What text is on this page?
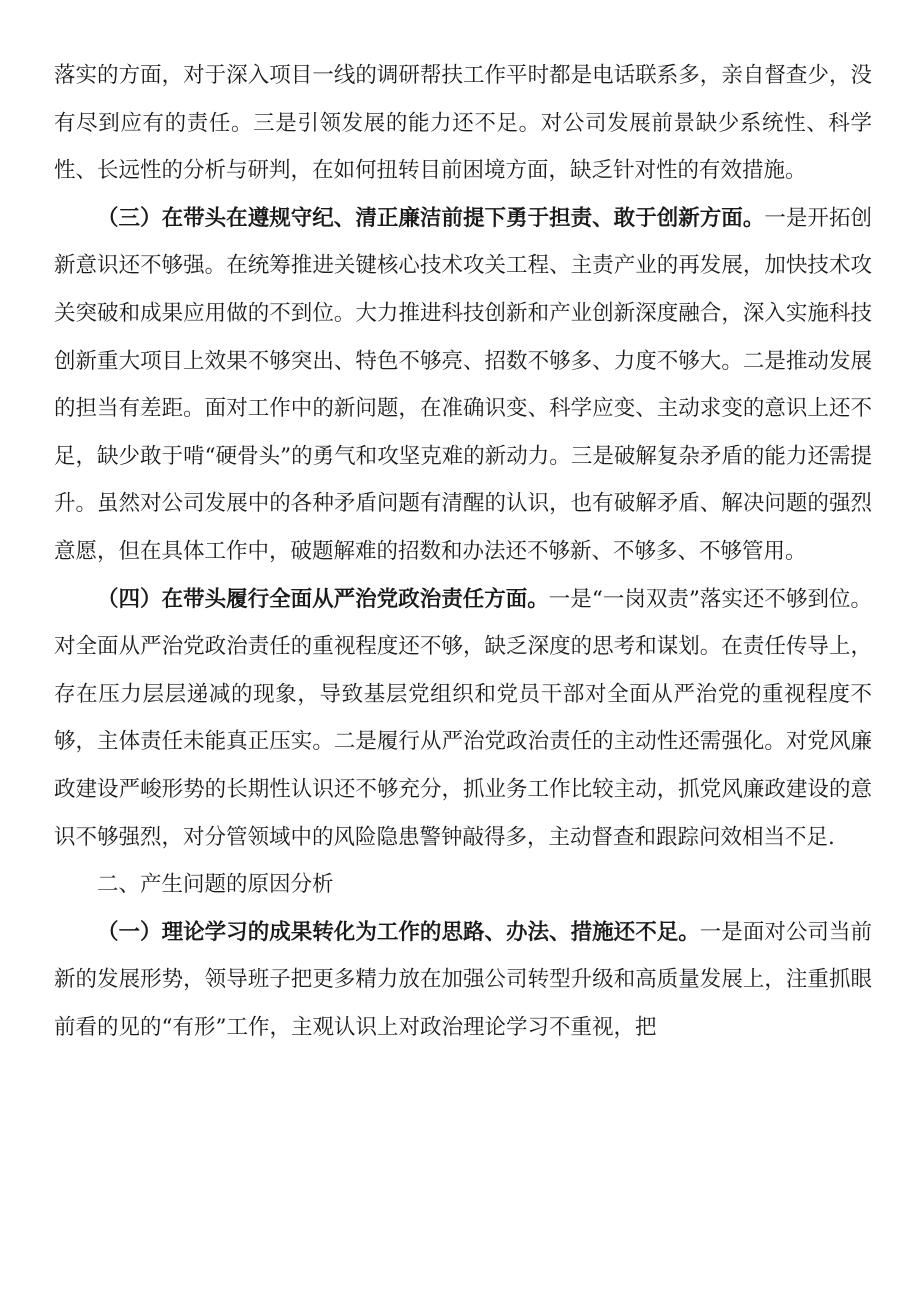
落实的方面，对于深入项目一线的调研帮扶工作平时都是电话联系多，亲自督查少，没有尽到应有的责任。三是引领发展的能力还不足。对公司发展前景缺少系统性、科学性、长远性的分析与研判，在如何扭转目前困境方面，缺乏针对性的有效措施。

（三）在带头在遵规守纪、清正廉洁前提下勇于担责、敢于创新方面。一是开拓创新意识还不够强。在统筹推进关键核心技术攻关工程、主责产业的再发展，加快技术攻关突破和成果应用做的不到位。大力推进科技创新和产业创新深度融合，深入实施科技创新重大项目上效果不够突出、特色不够亮、招数不够多、力度不够大。二是推动发展的担当有差距。面对工作中的新问题，在准确识变、科学应变、主动求变的意识上还不足，缺少敢于啃“硬骨头”的勇气和攻坚克难的新动力。三是破解复杂矛盾的能力还需提升。虽然对公司发展中的各种矛盾问题有清醒的认识，也有破解矛盾、解决问题的强烈意愿，但在具体工作中，破题解难的招数和办法还不够新、不够多、不够管用。

（四）在带头履行全面从严治党政治责任方面。一是“一岗双责”落实还不够到位。对全面从严治党政治责任的重视程度还不够，缺乏深度的思考和谋划。在责任传导上，存在压力层层递减的现象，导致基层党组织和党员干部对全面从严治党的重视程度不够，主体责任未能真正压实。二是履行从严治党政治责任的主动性还需强化。对党风廉政建设严峻形势的长期性认识还不够充分，抓业务工作比较主动，抓党风廉政建设的意识不够强烈，对分管领域中的风险隐患警钟敲得多，主动督查和跟踪问效相当不足.

二、产生问题的原因分析

（一）理论学习的成果转化为工作的思路、办法、措施还不足。一是面对公司当前新的发展形势，领导班子把更多精力放在加强公司转型升级和高质量发展上，注重抓眼前看的见的“有形”工作，主观认识上对政治理论学习不重视，把
